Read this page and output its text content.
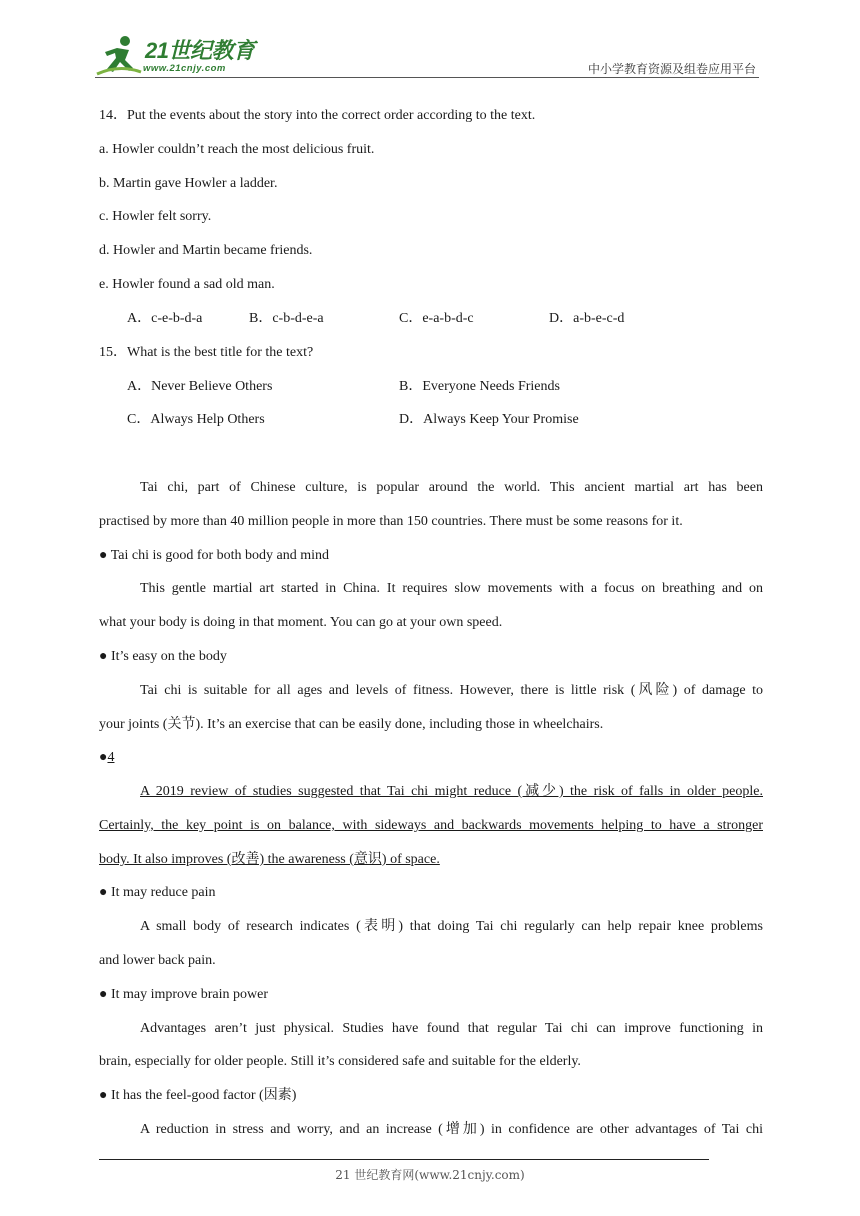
21世纪教育
www.21cnjy.com	中小学教育资源及组卷应用平台
14．Put the events about the story into the correct order according to the text.
a. Howler couldn’t reach the most delicious fruit.
b. Martin gave Howler a ladder.
c. Howler felt sorry.
d. Howler and Martin became friends.
e. Howler found a sad old man.
A．c-e-b-d-a	B．c-b-d-e-a	C．e-a-b-d-c	D．a-b-e-c-d
15．What is the best title for the text?
A．Never Believe Others	B．Everyone Needs Friends
C．Always Help Others	D．Always Keep Your Promise
Tai chi, part of Chinese culture, is popular around the world. This ancient martial art has been
practised by more than 40 million people in more than 150 countries. There must be some reasons for it.
● Tai chi is good for both body and mind
This gentle martial art started in China. It requires slow movements with a focus on breathing and on
what your body is doing in that moment. You can go at your own speed.
● It’s easy on the body
Tai chi is suitable for all ages and levels of fitness. However, there is little risk (风险) of damage to
your joints (关节). It’s an exercise that can be easily done, including those in wheelchairs.
●4
A 2019 review of studies suggested that Tai chi might reduce (减少) the risk of falls in older people.
Certainly, the key point is on balance, with sideways and backwards movements helping to have a stronger
body. It also improves (改善) the awareness (意识) of space.
● It may reduce pain
A small body of research indicates (表明) that doing Tai chi regularly can help repair knee problems
and lower back pain.
● It may improve brain power
Advantages aren’t just physical. Studies have found that regular Tai chi can improve functioning in
brain, especially for older people. Still it’s considered safe and suitable for the elderly.
● It has the feel-good factor (因素)
A reduction in stress and worry, and an increase (增加) in confidence are other advantages of Tai chi
21 世纪教育网(www.21cnjy.com)
